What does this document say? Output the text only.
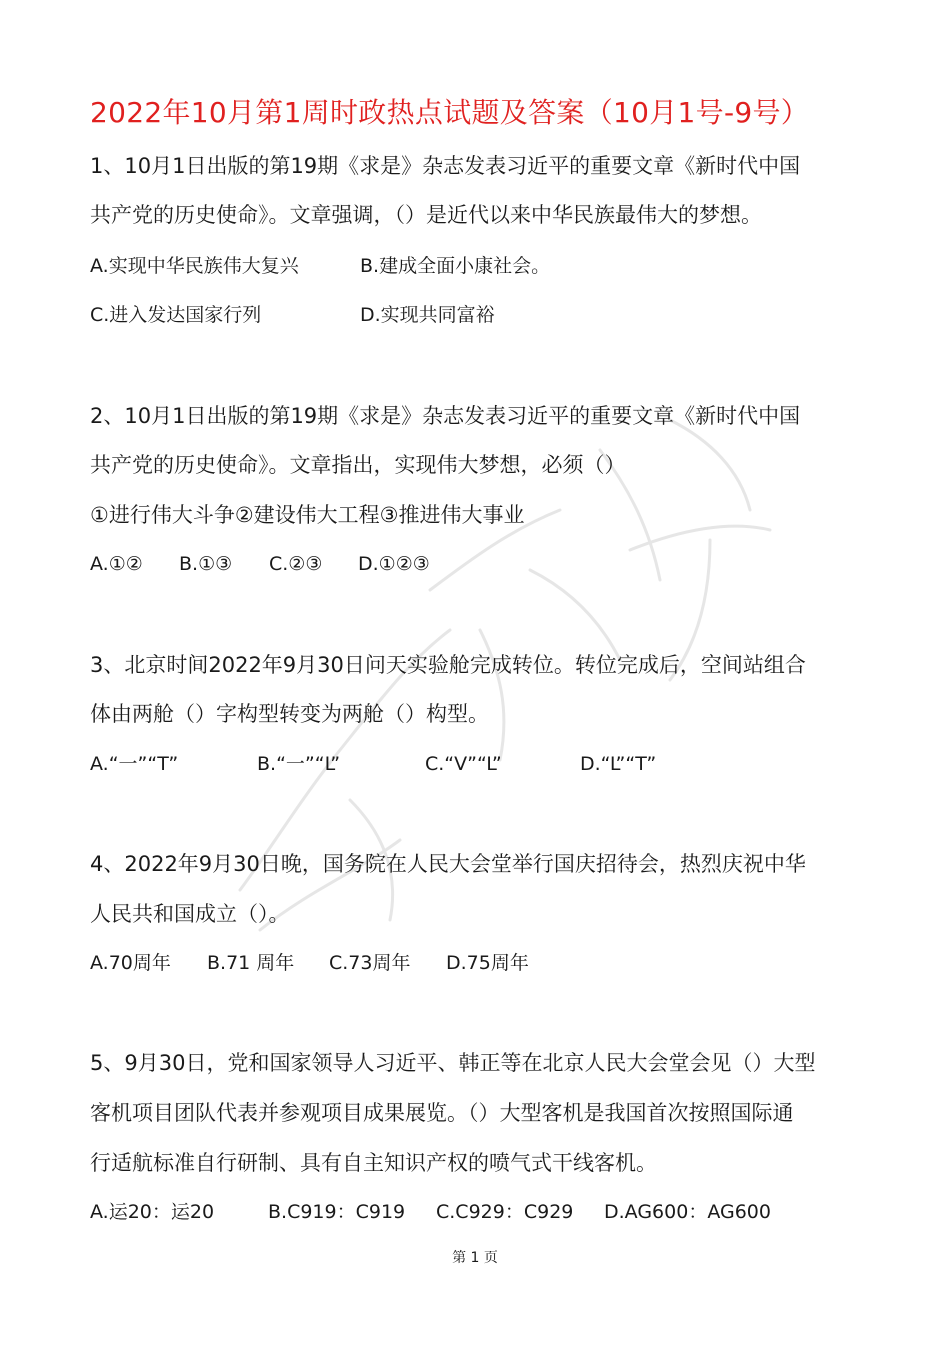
2022年10月第1周时政热点试题及答案（10月1号-9号）
1、10月1日出版的第19期《求是》杂志发表习近平的重要文章《新时代中国
共产党的历史使命》。文章强调，（）是近代以来中华民族最伟大的梦想。
A.实现中华民族伟大复兴	B.建成全面小康社会。
C.进入发达国家行列	D.实现共同富裕
2、10月1日出版的第19期《求是》杂志发表习近平的重要文章《新时代中国
共产党的历史使命》。文章指出，实现伟大梦想，必须（）
①进行伟大斗争②建设伟大工程③推进伟大事业
A.①② B.①③ C.②③ D.①②③
3、北京时间2022年9月30日问天实验舱完成转位。转位完成后，空间站组合
体由两舱（）字构型转变为两舱（）构型。
A.“一”“T”	B.“一”“L”	C.“V”“L”	D.“L”“T”
4、2022年9月30日晚，国务院在人民大会堂举行国庆招待会，热烈庆祝中华
人民共和国成立（）。
A.70周年 B.71 周年 C.73周年 D.75周年
5、9月30日，党和国家领导人习近平、韩正等在北京人民大会堂会见（）大型
客机项目团队代表并参观项目成果展览。（）大型客机是我国首次按照国际通
行适航标准自行研制、具有自主知识产权的喷气式干线客机。
A.运20：运20	B.C919：C919 C.C929：C929 D.AG600：AG600
第 1 页
